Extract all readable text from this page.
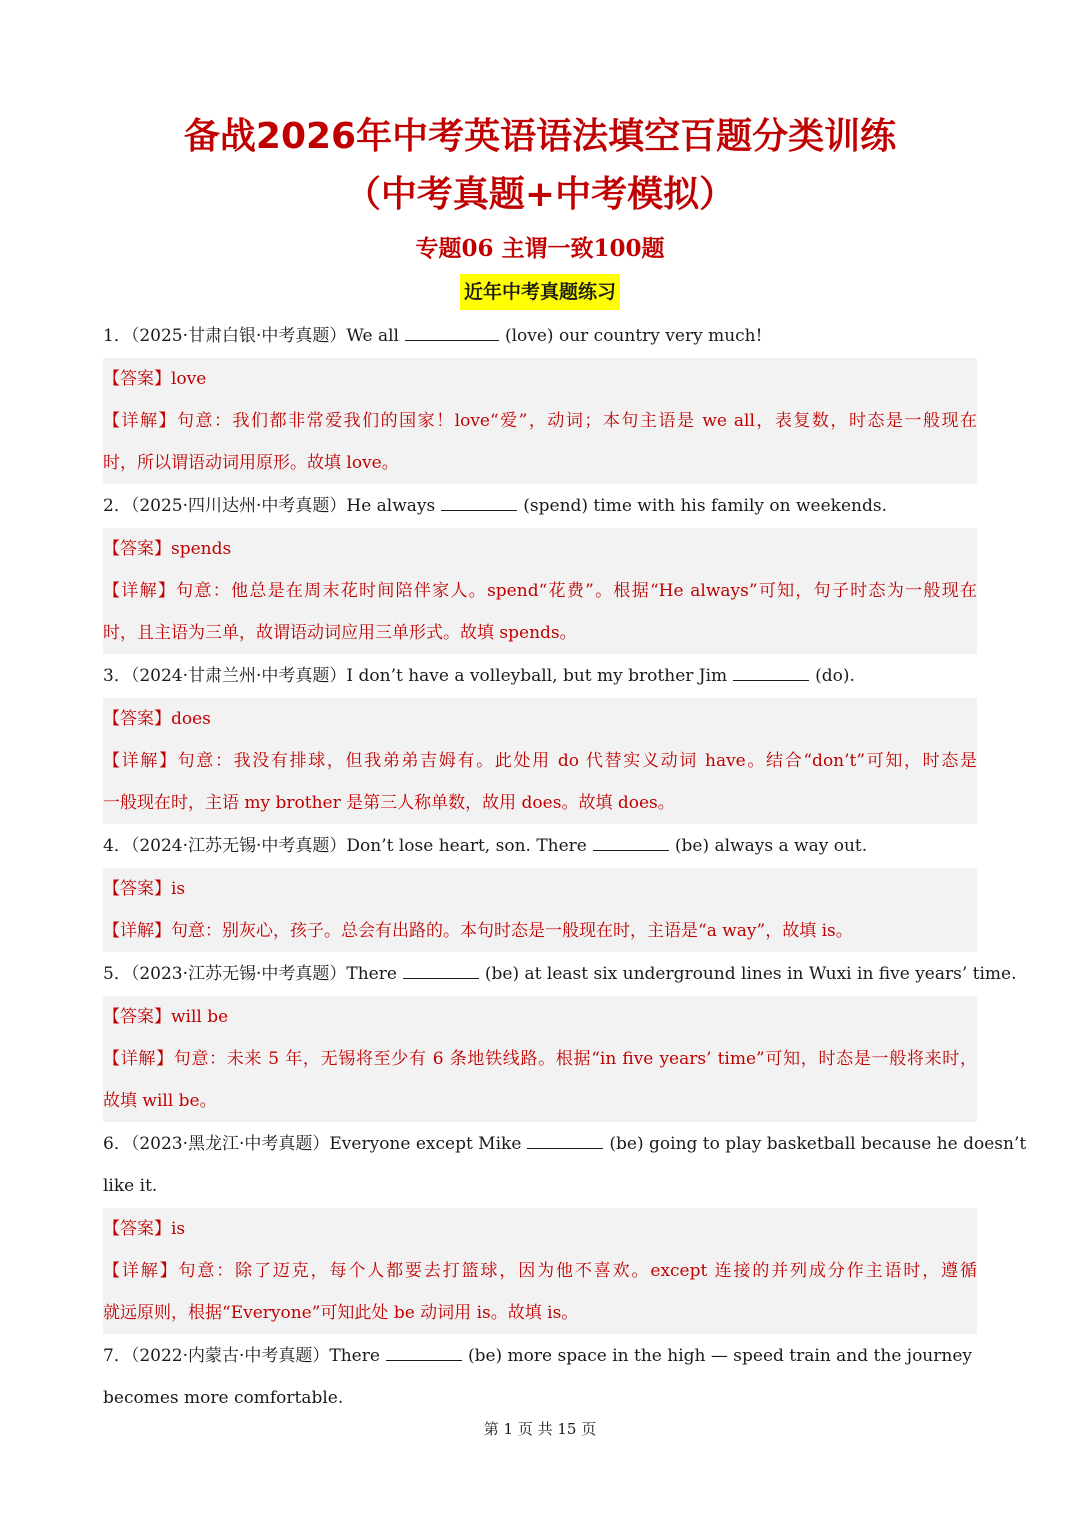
备战2026年中考英语语法填空百题分类训练
（中考真题+中考模拟）
专题06 主谓一致100题
近年中考真题练习
1．（2025·甘肃白银·中考真题）We all	(love) our country very much!
【答案】love
【详解】句意：我们都非常爱我们的国家！love“爱”，动词；本句主语是 we all，表复数，时态是一般现在
时，所以谓语动词用原形。故填 love。
2．（2025·四川达州·中考真题）He always	(spend) time with his family on weekends.
【答案】spends
【详解】句意：他总是在周末花时间陪伴家人。spend“花费”。根据“He always”可知，句子时态为一般现在
时，且主语为三单，故谓语动词应用三单形式。故填 spends。
3．（2024·甘肃兰州·中考真题）I don’t have a volleyball, but my brother Jim	(do).
【答案】does
【详解】句意：我没有排球，但我弟弟吉姆有。此处用 do 代替实义动词 have。结合“don’t”可知，时态是
一般现在时，主语 my brother 是第三人称单数，故用 does。故填 does。
4．（2024·江苏无锡·中考真题）Don’t lose heart, son. There	(be) always a way out.
【答案】is
【详解】句意：别灰心，孩子。总会有出路的。本句时态是一般现在时，主语是“a way”，故填 is。
5．（2023·江苏无锡·中考真题）There	(be) at least six underground lines in Wuxi in five years’ time.
【答案】will be
【详解】句意：未来 5 年，无锡将至少有 6 条地铁线路。根据“in five years’ time”可知，时态是一般将来时，
故填 will be。
6．（2023·黑龙江·中考真题）Everyone except Mike	(be) going to play basketball because he doesn’t
like it.
【答案】is
【详解】句意：除了迈克，每个人都要去打篮球，因为他不喜欢。except 连接的并列成分作主语时，遵循
就远原则，根据“Everyone”可知此处 be 动词用 is。故填 is。
7．（2022·内蒙古·中考真题）There	(be) more space in the high — speed train and the journey
becomes more comfortable.
第 1 页 共 15 页
